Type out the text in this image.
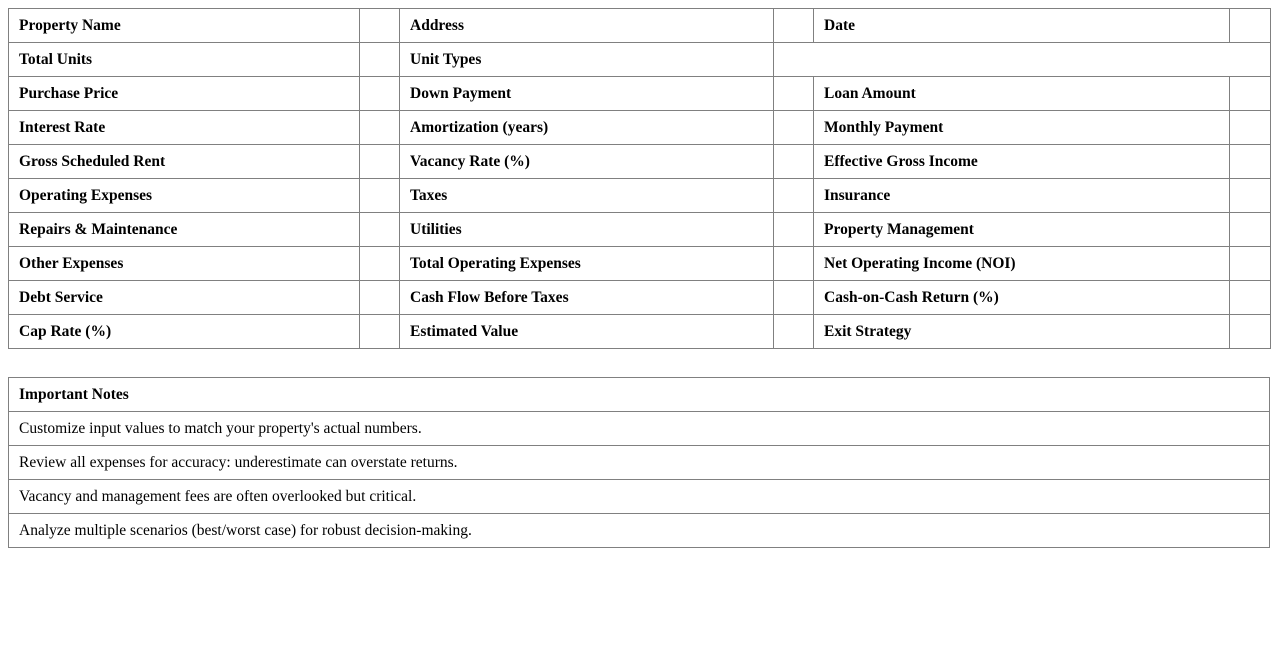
Property Name		Address		Date	
Total Units		Unit Types			
Purchase Price		Down Payment		Loan Amount	
Interest Rate		Amortization (years)		Monthly Payment	
Gross Scheduled Rent		Vacancy Rate (%)		Effective Gross Income	
Operating Expenses		Taxes		Insurance	
Repairs & Maintenance		Utilities		Property Management	
Other Expenses		Total Operating Expenses		Net Operating Income (NOI)	
Debt Service		Cash Flow Before Taxes		Cash-on-Cash Return (%)	
Cap Rate (%)		Estimated Value		Exit Strategy	
Important Notes
Customize input values to match your property's actual numbers.
Review all expenses for accuracy: underestimate can overstate returns.
Vacancy and management fees are often overlooked but critical.
Analyze multiple scenarios (best/worst case) for robust decision-making.
